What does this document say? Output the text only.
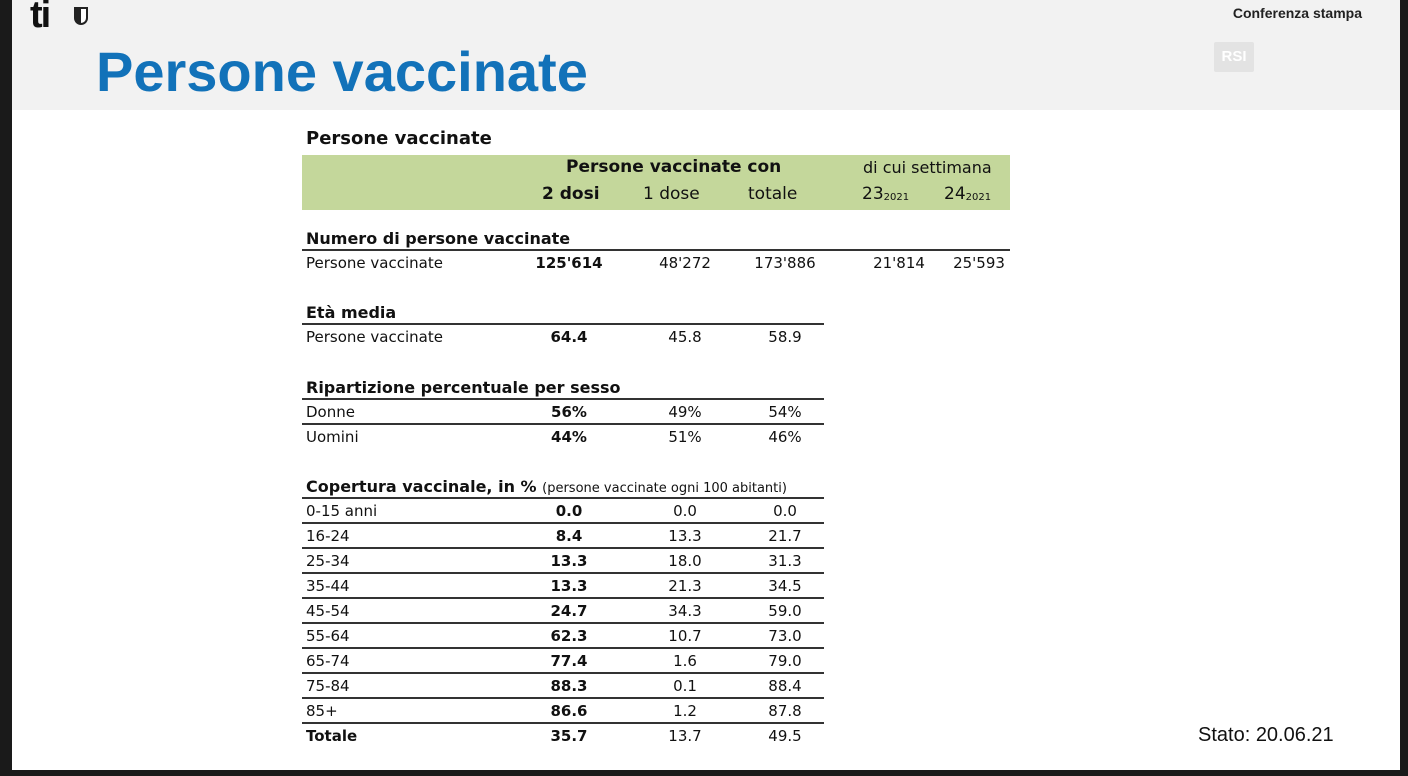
ti	Conferenza stampa
RSI
Persone vaccinate
Persone vaccinate
Persone vaccinate con	di cui settimana
2 dosi	1 dose	totale	$23_{2021}$ $24_{2021}$
Numero di persone vaccinate
Persone vaccinate	125'614	48'272	173'886	21'814	25'593
Età media
Persone vaccinate	64.4	45.8	58.9
Ripartizione percentuale per sesso
Donne	56%	49%	54%
Uomini	44%	51%	46%
Copertura vaccinale, in % (persone vaccinate ogni 100 abitanti)
0-15 anni	0.0	0.0	0.0
16-24	8.4	13.3	21.7
25-34	13.3	18.0	31.3
35-44	13.3	21.3	34.5
45-54	24.7	34.3	59.0
55-64	62.3	10.7	73.0
65-74	77.4	1.6	79.0
75-84	88.3	0.1	88.4
85+	86.6	1.2	87.8
Totale	35.7	13.7	49.5	Stato: 20.06.21
